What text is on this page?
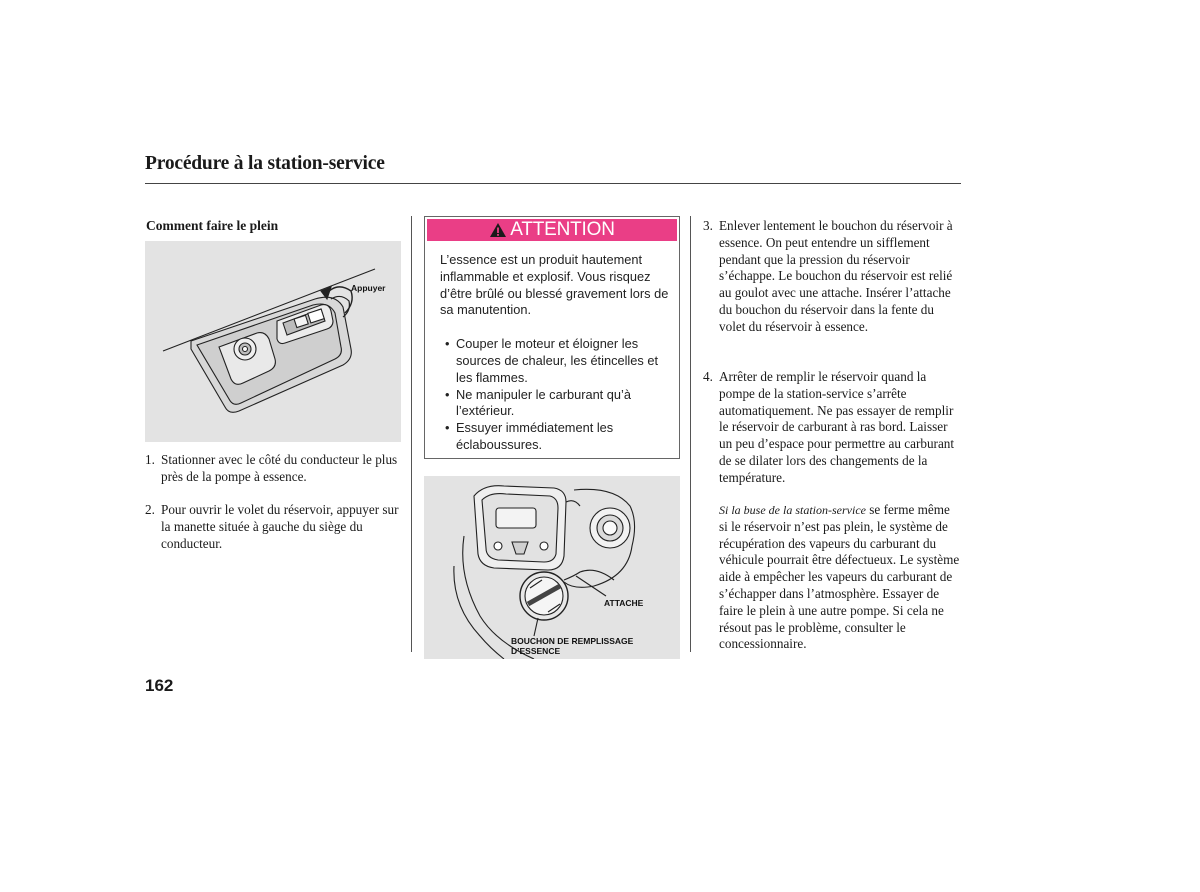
Procédure à la station-service
Comment faire le plein
Appuyer
1. Stationner avec le côté du conducteur le plus près de la pompe à essence.
2. Pour ouvrir le volet du réservoir, appuyer sur la manette située à gauche du siège du conducteur.
ATTENTION
L’essence est un produit hautement inflammable et explosif. Vous risquez d’être brûlé ou blessé gravement lors de sa manutention.
• Couper le moteur et éloigner les sources de chaleur, les étincelles et les flammes.
• Ne manipuler le carburant qu’à l’extérieur.
• Essuyer immédiatement les éclaboussures.
ATTACHE
BOUCHON DE REMPLISSAGE
D’ESSENCE
3. Enlever lentement le bouchon du réservoir à essence. On peut entendre un sifflement pendant que la pression du réservoir s’échappe. Le bouchon du réservoir est relié au goulot avec une attache. Insérer l’attache du bouchon du réservoir dans la fente du volet du réservoir à essence.
4. Arrêter de remplir le réservoir quand la pompe de la station-service s’arrête automatiquement. Ne pas essayer de remplir le réservoir de carburant à ras bord. Laisser un peu d’espace pour permettre au carburant de se dilater lors des changements de la température.
Si la buse de la station-service se ferme même si le réservoir n’est pas plein, le système de récupération des vapeurs du carburant du véhicule pourrait être défectueux. Le système aide à empêcher les vapeurs du carburant de s’échapper dans l’atmosphère. Essayer de faire le plein à une autre pompe. Si cela ne résout pas le problème, consulter le concessionnaire.
162
